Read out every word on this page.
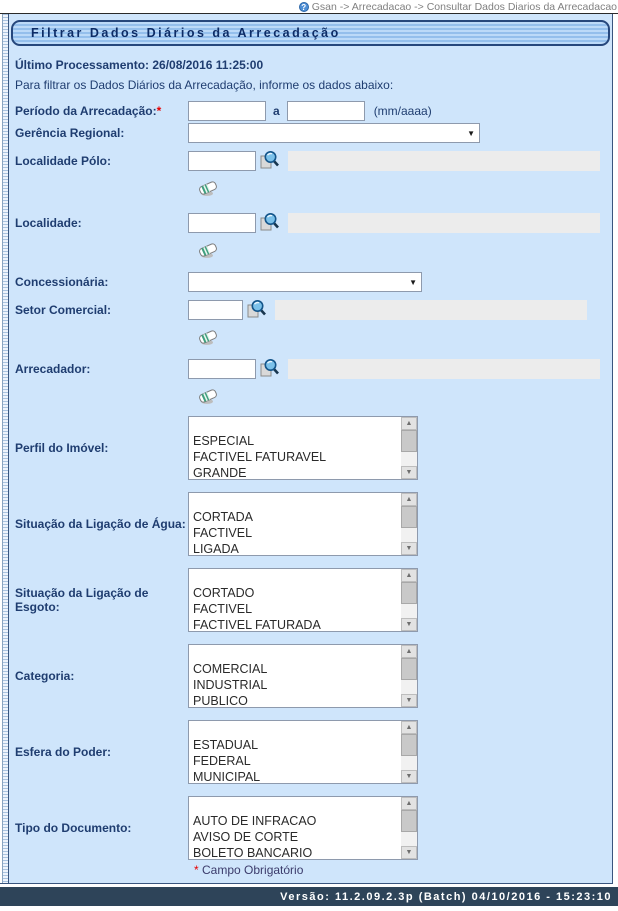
? Gsan -> Arrecadacao -> Consultar Dados Diarios da Arrecadacao
Filtrar Dados Diários da Arrecadação
Último Processamento: 26/08/2016 11:25:00
Para filtrar os Dados Diários da Arrecadação, informe os dados abaixo:
Período da Arrecadação:*	a	(mm/aaaa)
Gerência Regional:	▼
Localidade Pólo:
Localidade:
Concessionária:	▼
Setor Comercial:
Arrecadador:
Perfil do Imóvel:	ESPECIAL
FACTIVEL FATURAVEL
GRANDE
▲
▼
Situação da Ligação de Água: CORTADA
FACTIVEL
LIGADA
▲
▼
Situação da Ligação de Esgoto:
CORTADO
FACTIVEL
FACTIVEL FATURADA
▲
▼
Categoria:	COMERCIAL
INDUSTRIAL
PUBLICO
▲
▼
Esfera do Poder:	ESTADUAL
FEDERAL
MUNICIPAL
▲
▼
Tipo do Documento:	AUTO DE INFRACAO
AVISO DE CORTE
BOLETO BANCARIO
▲
▼
* Campo Obrigatório
Versão: 11.2.09.2.3p (Batch) 04/10/2016 - 15:23:10
